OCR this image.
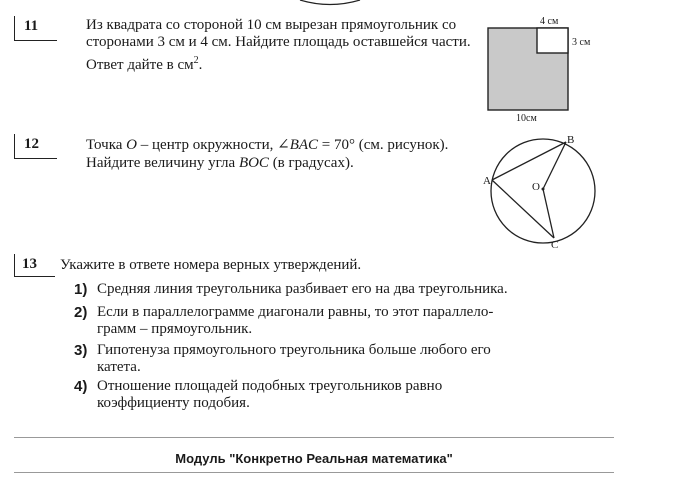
11	Из квадрата со стороной 10 см вырезан прямоугольник со
сторонами 3 см и 4 см. Найдите площадь оставшейся части.
Ответ дайте в $см^2$.
4 см
3 см
10см
12	Точка O – центр окружности, ∠BAC = 70° (см. рисунок).
Найдите величину угла BOC (в градусах).
A
B
C
O
13 Укажите в ответе номера верных утверждений.
1) Средняя линия треугольника разбивает его на два треугольника.
2) Если в параллелограмме диагонали равны, то этот параллело-
грамм – прямоугольник.
3) Гипотенуза прямоугольного треугольника больше любого его
катета.
4) Отношение площадей подобных треугольников равно
коэффициенту подобия.
Модуль "Конкретно Реальная математика"
